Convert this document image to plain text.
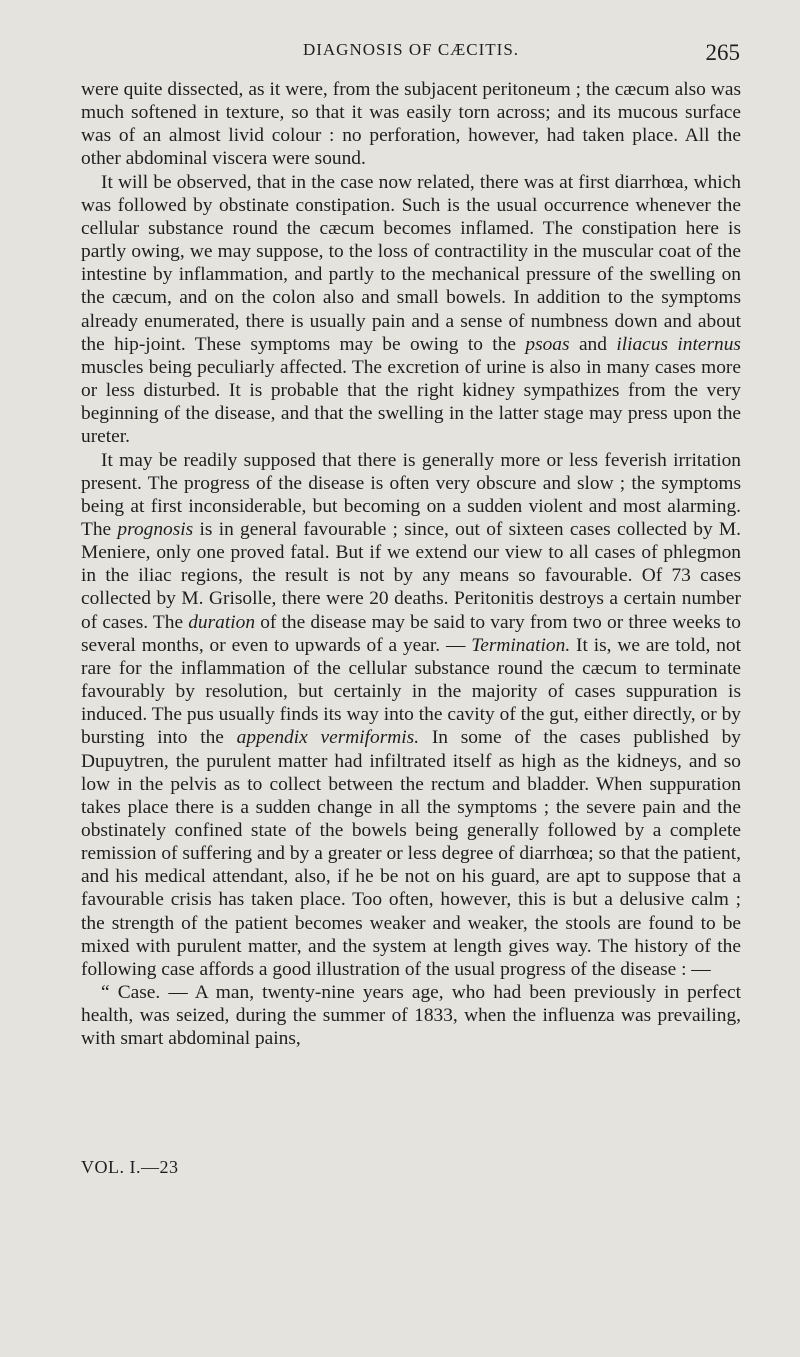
DIAGNOSIS OF CÆCITIS.	265

were quite dissected, as it were, from the subjacent peritoneum ; the cæcum also was much softened in texture, so that it was easily torn across; and its mucous surface was of an almost livid colour : no perforation, however, had taken place. All the other abdominal viscera were sound.

It will be observed, that in the case now related, there was at first diarrhœa, which was followed by obstinate constipation. Such is the usual occurrence whenever the cellular substance round the cæcum becomes inflamed. The constipation here is partly owing, we may suppose, to the loss of contractility in the muscular coat of the intestine by inflammation, and partly to the mechanical pressure of the swelling on the cæcum, and on the colon also and small bowels. In addition to the symptoms already enumerated, there is usually pain and a sense of numbness down and about the hip-joint. These symptoms may be owing to the psoas and iliacus internus muscles being peculiarly affected. The excretion of urine is also in many cases more or less disturbed. It is probable that the right kidney sympathizes from the very beginning of the disease, and that the swelling in the latter stage may press upon the ureter.

It may be readily supposed that there is generally more or less feverish irritation present. The progress of the disease is often very obscure and slow ; the symptoms being at first inconsiderable, but becoming on a sudden violent and most alarming. The prognosis is in general favourable ; since, out of sixteen cases collected by M. Meniere, only one proved fatal. But if we extend our view to all cases of phlegmon in the iliac regions, the result is not by any means so favourable. Of 73 cases collected by M. Grisolle, there were 20 deaths. Peritonitis destroys a certain number of cases. The duration of the disease may be said to vary from two or three weeks to several months, or even to upwards of a year. — Termination. It is, we are told, not rare for the inflammation of the cellular substance round the cæcum to terminate favourably by resolution, but certainly in the majority of cases suppuration is induced. The pus usually finds its way into the cavity of the gut, either directly, or by bursting into the appendix vermiformis. In some of the cases published by Dupuytren, the purulent matter had infiltrated itself as high as the kidneys, and so low in the pelvis as to collect between the rectum and bladder. When suppuration takes place there is a sudden change in all the symptoms ; the severe pain and the obstinately confined state of the bowels being generally followed by a complete remission of suffering and by a greater or less degree of diarrhœa; so that the patient, and his medical attendant, also, if he be not on his guard, are apt to suppose that a favourable crisis has taken place. Too often, however, this is but a delusive calm ; the strength of the patient becomes weaker and weaker, the stools are found to be mixed with purulent matter, and the system at length gives way. The history of the following case affords a good illustration of the usual progress of the disease : —

“ Case. — A man, twenty-nine years age, who had been previously in perfect health, was seized, during the summer of 1833, when the influenza was prevailing, with smart abdominal pains,

VOL. I.—23
